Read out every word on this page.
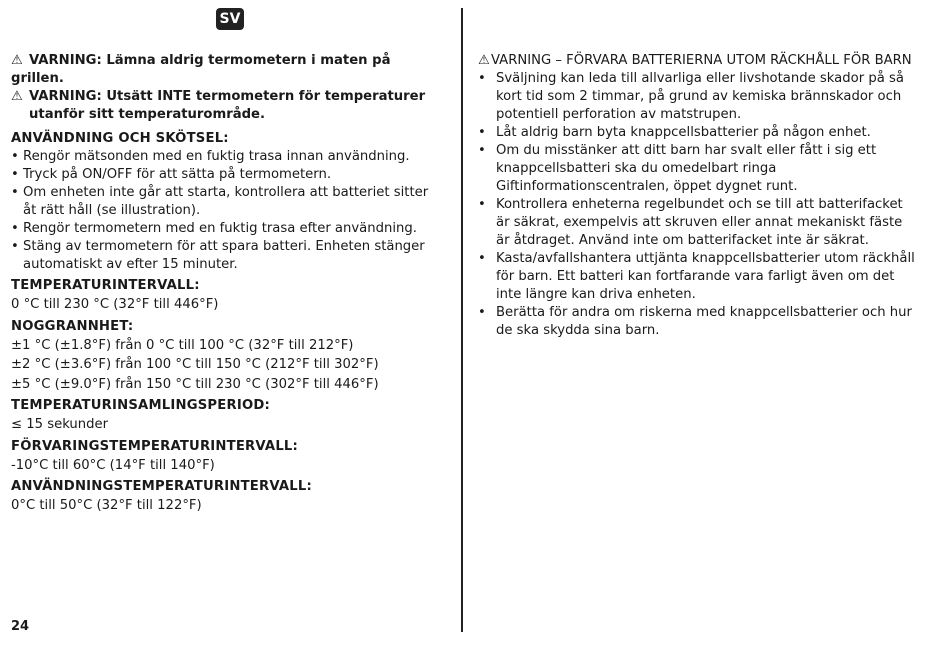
SV

⚠ VARNING: Lämna aldrig termometern i maten på grillen.

⚠ VARNING: Utsätt INTE termometern för temperaturer

utanför sitt temperaturområde.

ANVÄNDNING OCH SKÖTSEL:

• Rengör mätsonden med en fuktig trasa innan användning.
• Tryck på ON/OFF för att sätta på termometern.
• Om enheten inte går att starta, kontrollera att batteriet sitter åt rätt håll (se illustration).
• Rengör termometern med en fuktig trasa efter användning.
• Stäng av termometern för att spara batteri. Enheten stänger automatiskt av efter 15 minuter.

TEMPERATURINTERVALL:

0 °C till 230 °C (32°F till 446°F)

NOGGRANNHET:

±1 °C (±1.8°F) från 0 °C till 100 °C (32°F till 212°F)

±2 °C (±3.6°F) från 100 °C till 150 °C (212°F till 302°F)

±5 °C (±9.0°F) från 150 °C till 230 °C (302°F till 446°F)

TEMPERATURINSAMLINGSPERIOD:

≤ 15 sekunder

FÖRVARINGSTEMPERATURINTERVALL:

-10°C till 60°C (14°F till 140°F)

ANVÄNDNINGSTEMPERATURINTERVALL:

0°C till 50°C (32°F till 122°F)

⚠VARNING – FÖRVARA BATTERIERNA UTOM RÄCKHÅLL FÖR BARN

• Sväljning kan leda till allvarliga eller livshotande skador på så kort tid som 2 timmar, på grund av kemiska brännskador och potentiell perforation av matstrupen.
• Låt aldrig barn byta knappcellsbatterier på någon enhet.
• Om du misstänker att ditt barn har svalt eller fått i sig ett knappcellsbatteri ska du omedelbart ringa Giftinformationscentralen, öppet dygnet runt.
• Kontrollera enheterna regelbundet och se till att batterifacket är säkrat, exempelvis att skruven eller annat mekaniskt fäste är åtdraget. Använd inte om batterifacket inte är säkrat.
• Kasta/avfallshantera uttjänta knappcellsbatterier utom räckhåll för barn. Ett batteri kan fortfarande vara farligt även om det inte längre kan driva enheten.
• Berätta för andra om riskerna med knappcellsbatterier och hur de ska skydda sina barn.
24
